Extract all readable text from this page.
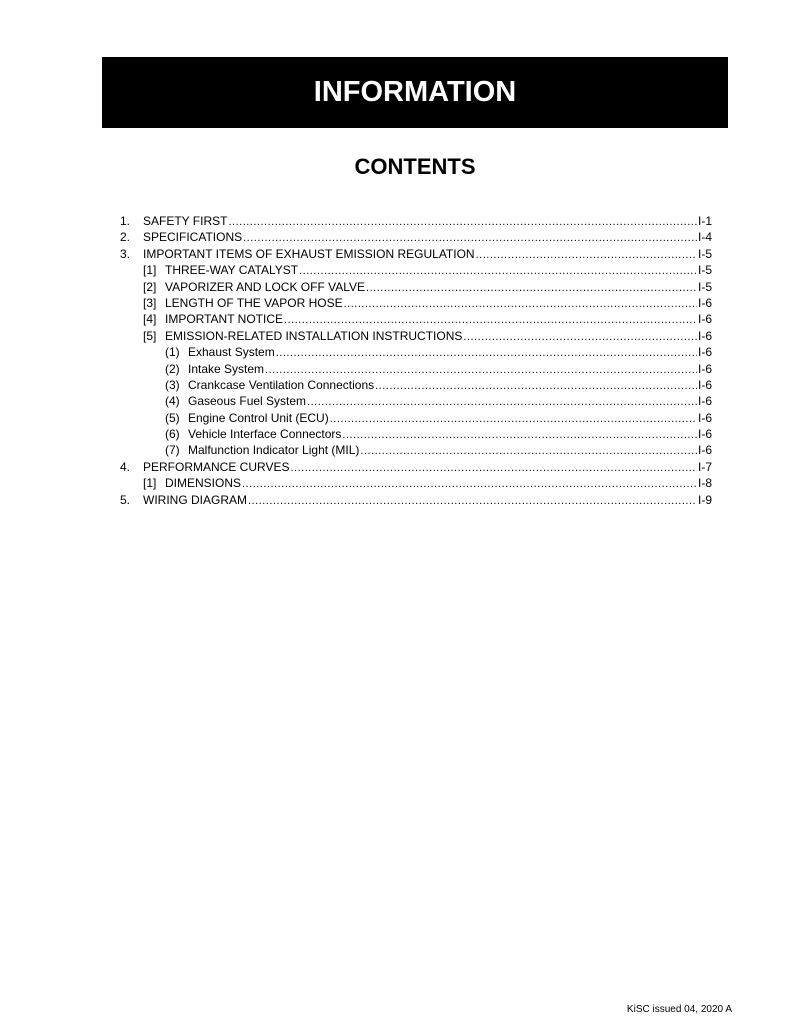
INFORMATION
CONTENTS
1.	SAFETY FIRST .....	I-1
2.	SPECIFICATIONS .....	I-4
3.	IMPORTANT ITEMS OF EXHAUST EMISSION REGULATION .....	I-5
[1] THREE-WAY CATALYST .....	I-5
[2] VAPORIZER AND LOCK OFF VALVE .....	I-5
[3] LENGTH OF THE VAPOR HOSE .....	I-6
[4] IMPORTANT NOTICE .....	I-6
[5] EMISSION-RELATED INSTALLATION INSTRUCTIONS .....	I-6
(1) Exhaust System .....	I-6
(2) Intake System .....	I-6
(3) Crankcase Ventilation Connections .....	I-6
(4) Gaseous Fuel System .....	I-6
(5) Engine Control Unit (ECU) .....	I-6
(6) Vehicle Interface Connectors .....	I-6
(7) Malfunction Indicator Light (MIL) .....	I-6
4.	PERFORMANCE CURVES .....	I-7
[1] DIMENSIONS .....	I-8
5.	WIRING DIAGRAM .....	I-9
KiSC issued 04, 2020 A
